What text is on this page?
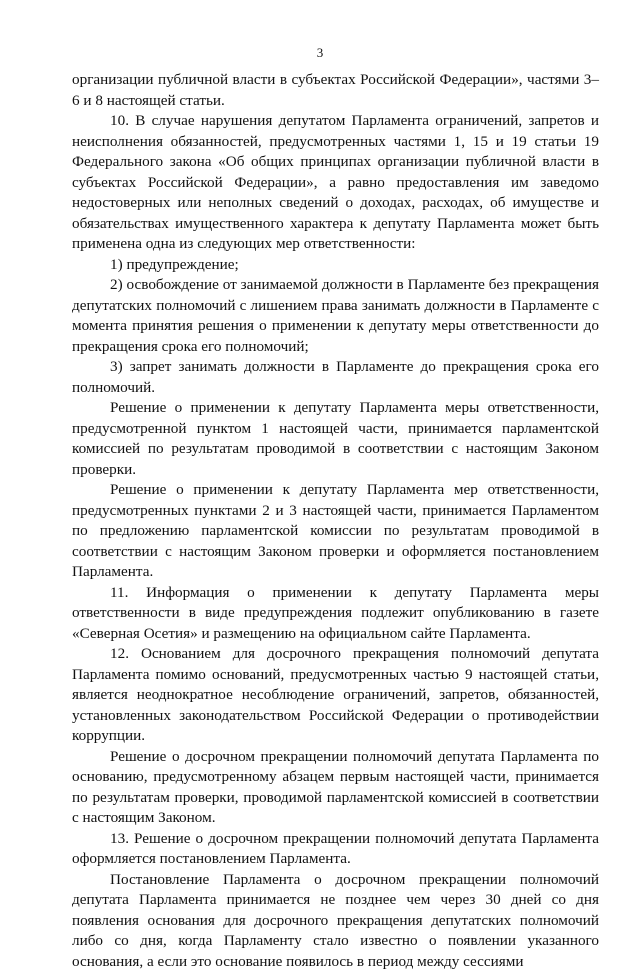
3

организации публичной власти в субъектах Российской Федерации», частями 3–6 и 8 настоящей статьи.

10. В случае нарушения депутатом Парламента ограничений, запретов и неисполнения обязанностей, предусмотренных частями 1, 15 и 19 статьи 19 Федерального закона «Об общих принципах организации публичной власти в субъектах Российской Федерации», а равно предоставления им заведомо недостоверных или неполных сведений о доходах, расходах, об имуществе и обязательствах имущественного характера к депутату Парламента может быть применена одна из следующих мер ответственности:

1) предупреждение;

2) освобождение от занимаемой должности в Парламенте без прекращения депутатских полномочий с лишением права занимать должности в Парламенте с момента принятия решения о применении к депутату меры ответственности до прекращения срока его полномочий;

3) запрет занимать должности в Парламенте до прекращения срока его полномочий.

Решение о применении к депутату Парламента меры ответственности, предусмотренной пунктом 1 настоящей части, принимается парламентской комиссией по результатам проводимой в соответствии с настоящим Законом проверки.

Решение о применении к депутату Парламента мер ответственности, предусмотренных пунктами 2 и 3 настоящей части, принимается Парламентом по предложению парламентской комиссии по результатам проводимой в соответствии с настоящим Законом проверки и оформляется постановлением Парламента.

11. Информация о применении к депутату Парламента меры ответственности в виде предупреждения подлежит опубликованию в газете «Северная Осетия» и размещению на официальном сайте Парламента.

12. Основанием для досрочного прекращения полномочий депутата Парламента помимо оснований, предусмотренных частью 9 настоящей статьи, является неоднократное несоблюдение ограничений, запретов, обязанностей, установленных законодательством Российской Федерации о противодействии коррупции.

Решение о досрочном прекращении полномочий депутата Парламента по основанию, предусмотренному абзацем первым настоящей части, принимается по результатам проверки, проводимой парламентской комиссией в соответствии с настоящим Законом.

13. Решение о досрочном прекращении полномочий депутата Парламента оформляется постановлением Парламента.

Постановление Парламента о досрочном прекращении полномочий депутата Парламента принимается не позднее чем через 30 дней со дня появления основания для досрочного прекращения депутатских полномочий либо со дня, когда Парламенту стало известно о появлении указанного основания, а если это основание появилось в период между сессиями
